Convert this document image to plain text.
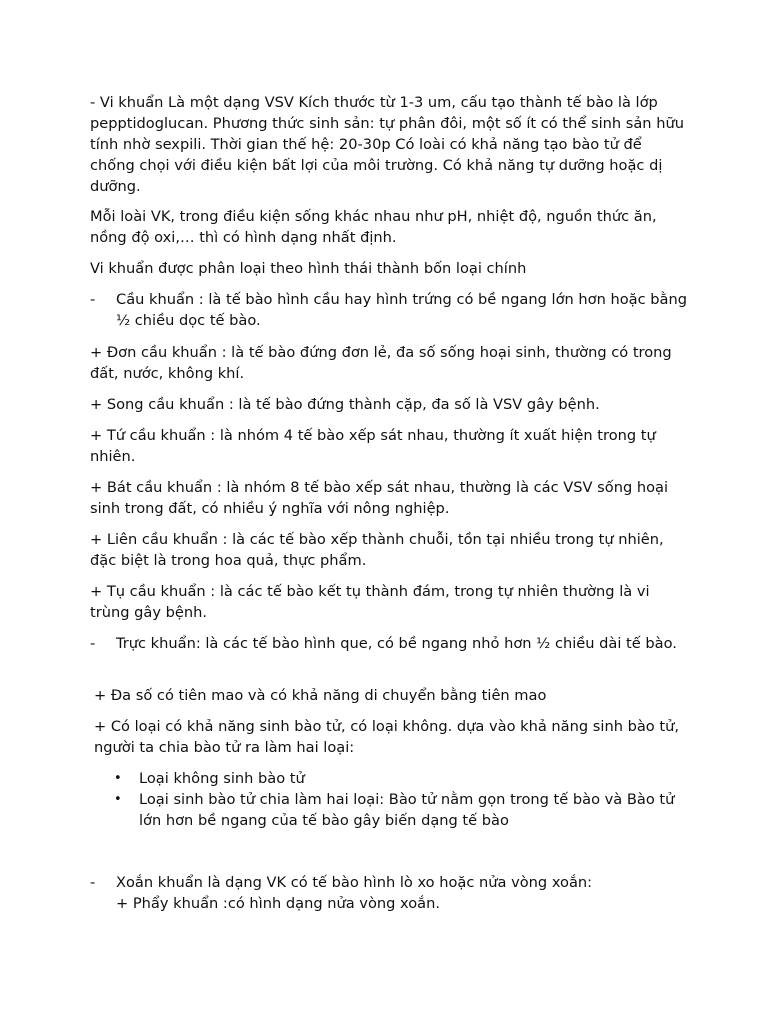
- Vi khuẩn Là một dạng VSV Kích thước từ 1-3 um, cấu tạo thành tế bào là lớp pepptidoglucan. Phương thức sinh sản: tự phân đôi, một số ít có thể sinh sản hữu tính nhờ sexpili. Thời gian thế hệ: 20-30p Có loài có khả năng tạo bào tử để chống chọi với điều kiện bất lợi của môi trường. Có khả năng tự dưỡng hoặc dị dưỡng.

Mỗi loài VK, trong điều kiện sống khác nhau như pH, nhiệt độ, nguồn thức ăn, nồng độ oxi,… thì có hình dạng nhất định.

Vi khuẩn được phân loại theo hình thái thành bốn loại chính

-	Cầu khuẩn : là tế bào hình cầu hay hình trứng có bề ngang lớn hơn hoặc bằng ½ chiều dọc tế bào.

+ Đơn cầu khuẩn : là tế bào đứng đơn lẻ, đa số sống hoại sinh, thường có trong đất, nước, không khí.

+ Song cầu khuẩn : là tế bào đứng thành cặp, đa số là VSV gây bệnh.

+ Tứ cầu khuẩn : là nhóm 4 tế bào xếp sát nhau, thường ít xuất hiện trong tự nhiên.

+ Bát cầu khuẩn : là nhóm 8 tế bào xếp sát nhau, thường là các VSV sống hoại sinh trong đất, có nhiều ý nghĩa với nông nghiệp.

+ Liên cầu khuẩn : là các tế bào xếp thành chuỗi, tồn tại nhiều trong tự nhiên, đặc biệt là trong hoa quả, thực phẩm.

+ Tụ cầu khuẩn : là các tế bào kết tụ thành đám, trong tự nhiên thường là vi trùng gây bệnh.

-	Trực khuẩn: là các tế bào hình que, có bề ngang nhỏ hơn ½ chiều dài tế bào.

+ Đa số có tiên mao và có khả năng di chuyển bằng tiên mao

+ Có loại có khả năng sinh bào tử, có loại không. dựa vào khả năng sinh bào tử, người ta chia bào tử ra làm hai loại:

•	Loại không sinh bào tử
•	Loại sinh bào tử chia làm hai loại: Bào tử nằm gọn trong tế bào và Bào tử lớn hơn bề ngang của tế bào gây biến dạng tế bào
-	Xoắn khuẩn là dạng VK có tế bào hình lò xo hoặc nửa vòng xoắn:
+ Phẩy khuẩn :có hình dạng nửa vòng xoắn.
